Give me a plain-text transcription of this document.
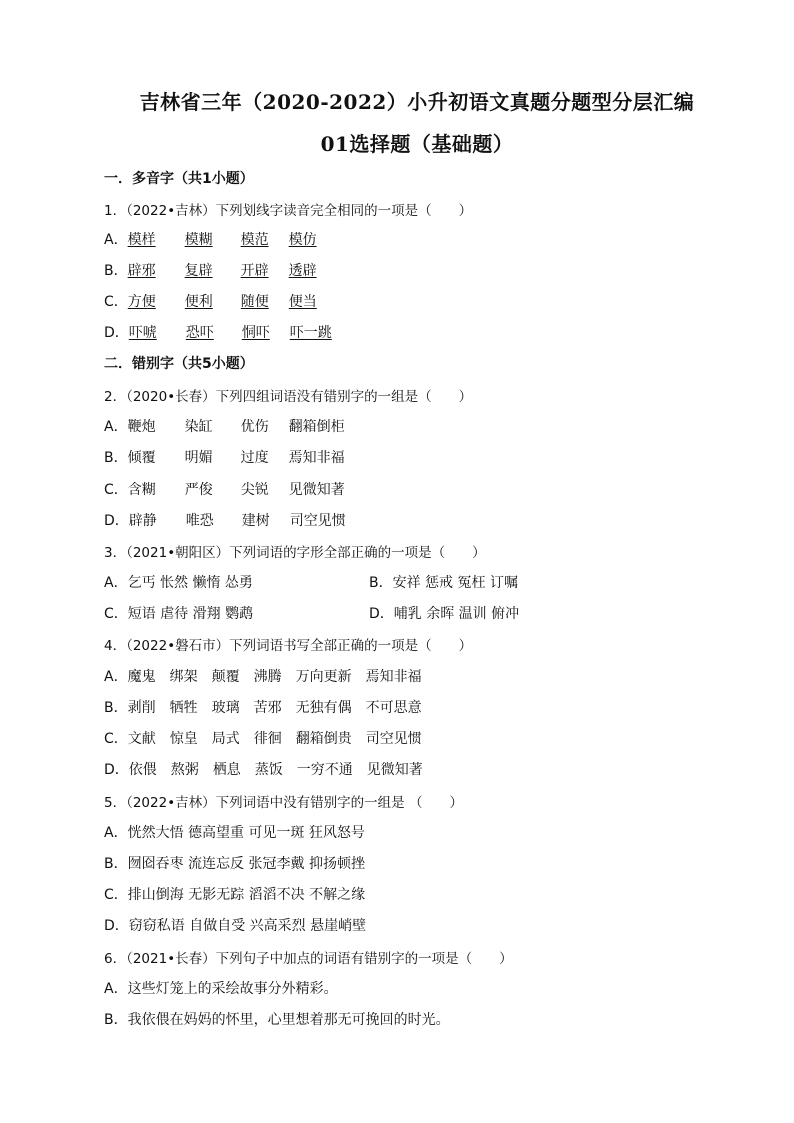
吉林省三年（2020-2022）小升初语文真题分题型分层汇编
01选择题（基础题）
一．多音字（共1小题）
1．（2022•吉林）下列划线字读音完全相同的一项是（　　）
A．模样 模糊 模范 模仿
B．辟邪 复辟 开辟 透辟
C．方便 便利 随便 便当
D．吓唬 恐吓 恫吓 吓一跳
二．错别字（共5小题）
2．（2020•长春）下列四组词语没有错别字的一组是（　　）
A．鞭炮 染缸 优伤 翻箱倒柜
B．倾覆 明媚 过度 焉知非福
C．含糊 严俊 尖锐 见微知著
D．辟静 唯恐 建树 司空见惯
3．（2021•朝阳区）下列词语的字形全部正确的一项是（　　）
A．乞丐 怅然 懒惰 怂勇	B．安祥 惩戒 冤枉 订嘱
C．短语 虐待 滑翔 鹦鹉	D．哺乳 余晖 温训 俯冲
4．（2022•磐石市）下列词语书写全部正确的一项是（　　）
A．魔鬼　绑架　颠覆　沸腾　万向更新　焉知非福
B．剥削　牺牲　玻璃　苦邪　无独有偶　不可思意
C．文献　惊皇　局式　徘徊　翻箱倒贵　司空见惯
D．依偎　熬粥　栖息　蒸饭　一穷不通　见微知著
5．（2022•吉林）下列词语中没有错别字的一组是 （　　）
A．恍然大悟 德高望重 可见一斑 狂风怒号
B．囫囵吞枣 流连忘反 张冠李戴 抑扬顿挫
C．排山倒海 无影无踪 滔滔不决 不解之缘
D．窃窃私语 自做自受 兴高采烈 悬崖峭壁
6．（2021•长春）下列句子中加点的词语有错别字的一项是（　　）
A．这些灯笼上的采绘故事分外精彩。
B．我依偎在妈妈的怀里，心里想着那无可挽回的时光。
